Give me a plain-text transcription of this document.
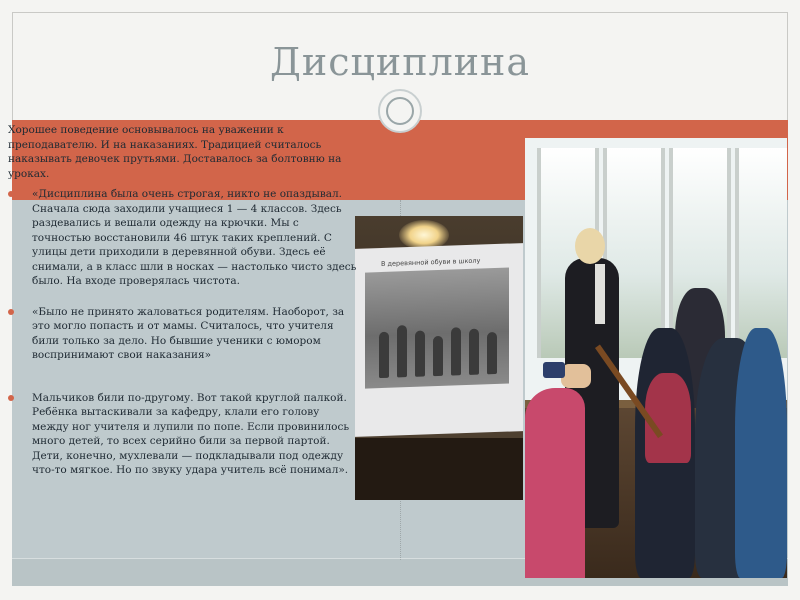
Дисциплина
В деревянной обуви в школу

Хорошее поведение основывалось на уважении к преподавателю. И на наказаниях. Традицией считалось наказывать девочек прутьями. Доставалось за болтовню на уроках.

«Дисциплина была очень строгая, никто не опаздывал. Сначала сюда заходили учащиеся 1 — 4 классов. Здесь раздевались и вешали одежду на крючки. Мы с точностью восстановили 46 штук таких креплений. С улицы дети приходили в деревянной обуви. Здесь её снимали, а в класс шли в носках — настолько чисто здесь было. На входе проверялась чистота.
«Было не принято жаловаться родителям. Наоборот, за это могло попасть и от мамы. Считалось, что учителя били только за дело. Но бывшие ученики с юмором воспринимают свои наказания»
Мальчиков били по-другому. Вот такой круглой палкой. Ребёнка вытаскивали за кафедру, клали его голову между ног учителя и лупили по попе. Если провинилось много детей, то всех серийно били за первой партой. Дети, конечно, мухлевали — подкладывали под одежду что-то мягкое. Но по звуку удара учитель всё понимал».
